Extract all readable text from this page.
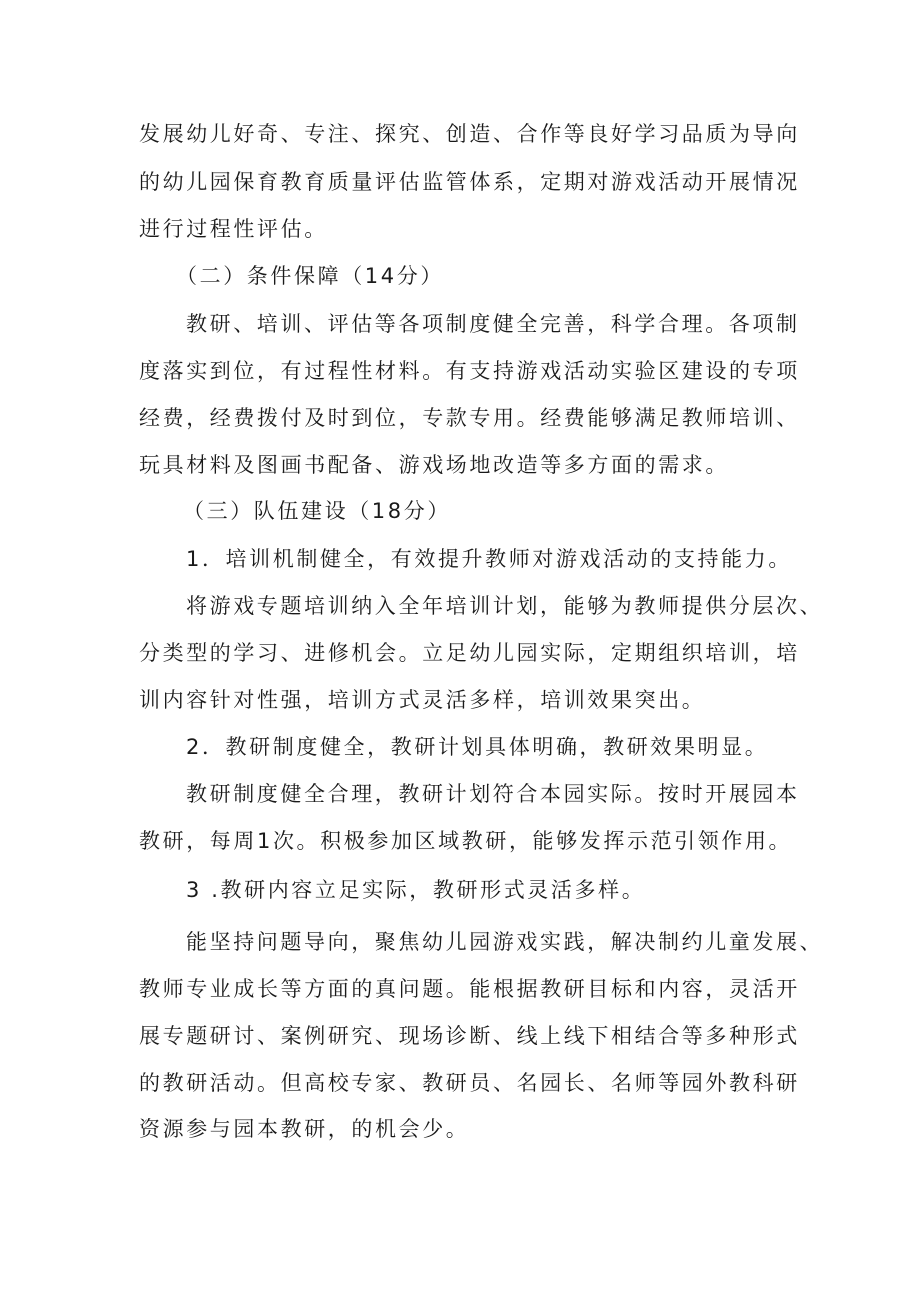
发展幼儿好奇、专注、探究、创造、合作等良好学习品质为导向
的幼儿园保育教育质量评估监管体系，定期对游戏活动开展情况
进行过程性评估。
（二）条件保障（14分）
教研、培训、评估等各项制度健全完善，科学合理。各项制
度落实到位，有过程性材料。有支持游戏活动实验区建设的专项
经费，经费拨付及时到位，专款专用。经费能够满足教师培训、
玩具材料及图画书配备、游戏场地改造等多方面的需求。
（三）队伍建设（18分）
1．培训机制健全，有效提升教师对游戏活动的支持能力。
将游戏专题培训纳入全年培训计划，能够为教师提供分层次、
分类型的学习、进修机会。立足幼儿园实际，定期组织培训，培
训内容针对性强，培训方式灵活多样，培训效果突出。
2．教研制度健全，教研计划具体明确，教研效果明显。
教研制度健全合理，教研计划符合本园实际。按时开展园本
教研，每周1次。积极参加区域教研，能够发挥示范引领作用。
3 .教研内容立足实际，教研形式灵活多样。
能坚持问题导向，聚焦幼儿园游戏实践，解决制约儿童发展、
教师专业成长等方面的真问题。能根据教研目标和内容，灵活开
展专题研讨、案例研究、现场诊断、线上线下相结合等多种形式
的教研活动。但高校专家、教研员、名园长、名师等园外教科研
资源参与园本教研，的机会少。
